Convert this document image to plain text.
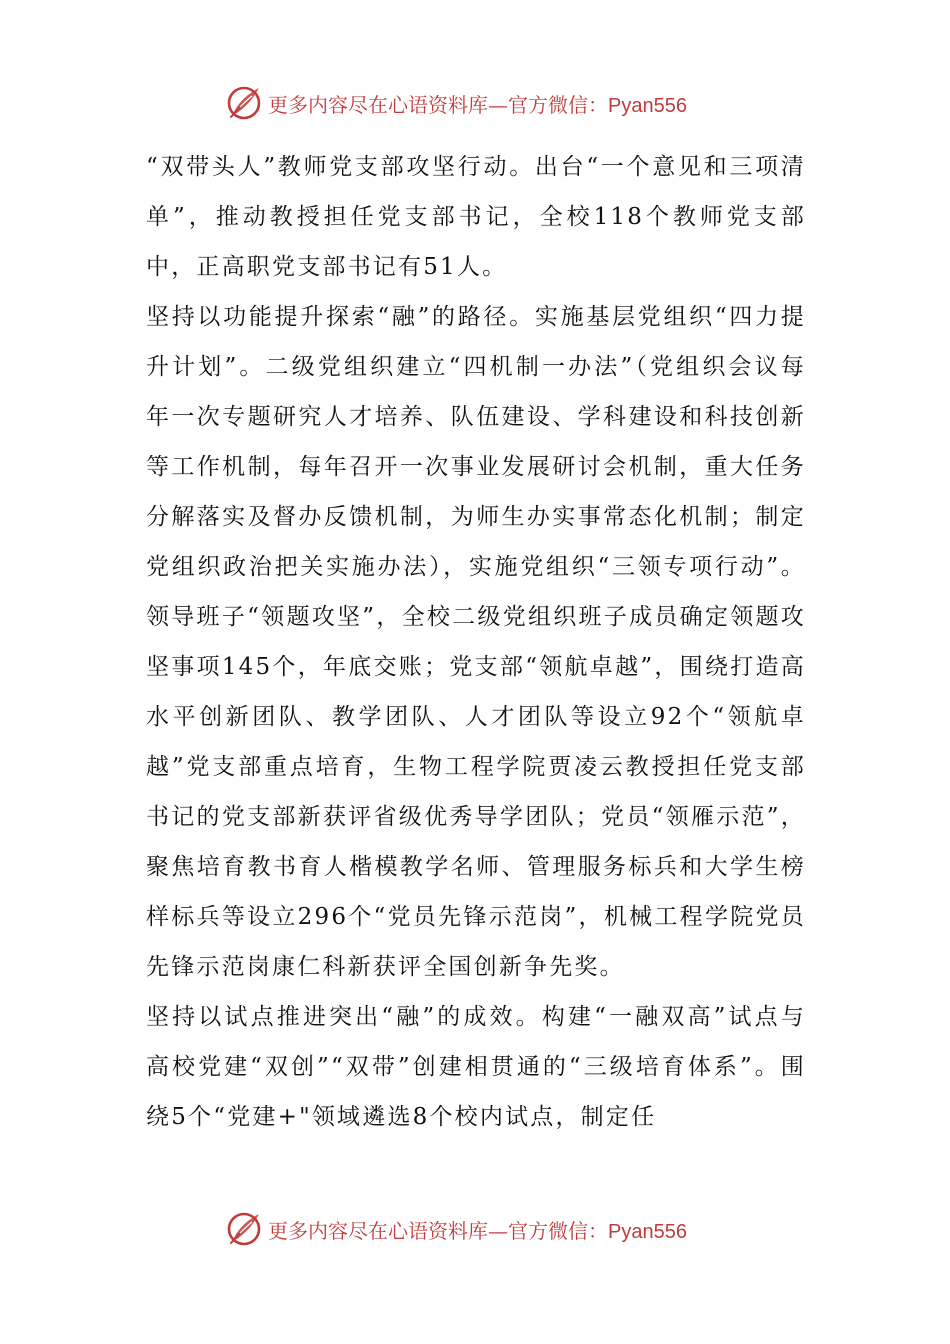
更多内容尽在心语资料库—官方微信：Pyan556

“双带头人”教师党支部攻坚行动。出台“一个意见和三项清单”，推动教授担任党支部书记，全校118个教师党支部中，正高职党支部书记有51人。

坚持以功能提升探索“融”的路径。实施基层党组织“四力提升计划”。二级党组织建立“四机制一办法”（党组织会议每年一次专题研究人才培养、队伍建设、学科建设和科技创新等工作机制，每年召开一次事业发展研讨会机制，重大任务分解落实及督办反馈机制，为师生办实事常态化机制；制定党组织政治把关实施办法），实施党组织“三领专项行动”。领导班子“领题攻坚”，全校二级党组织班子成员确定领题攻坚事项145个，年底交账；党支部“领航卓越”，围绕打造高水平创新团队、教学团队、人才团队等设立92个“领航卓越”党支部重点培育，生物工程学院贾凌云教授担任党支部书记的党支部新获评省级优秀导学团队；党员“领雁示范”，聚焦培育教书育人楷模教学名师、管理服务标兵和大学生榜样标兵等设立296个“党员先锋示范岗”，机械工程学院党员先锋示范岗康仁科新获评全国创新争先奖。

坚持以试点推进突出“融”的成效。构建“一融双高”试点与高校党建“双创”“双带”创建相贯通的“三级培育体系”。围绕5个“党建+"领域遴选8个校内试点，制定任

更多内容尽在心语资料库—官方微信：Pyan556
